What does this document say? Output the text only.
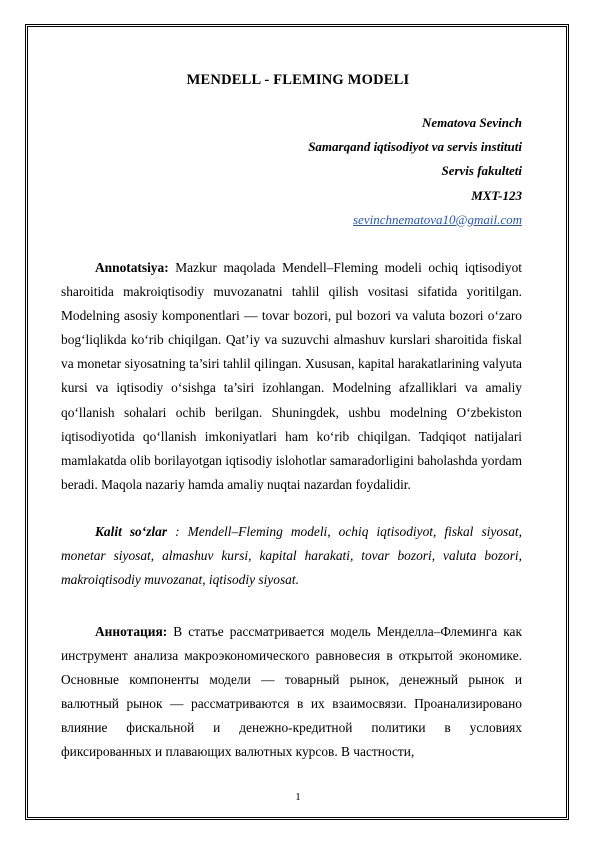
MENDELL - FLEMING MODELI
Nematova Sevinch
Samarqand iqtisodiyot va servis instituti
Servis fakulteti
MXT-123
sevinchnematova10@gmail.com

Annotatsiya: Mazkur maqolada Mendell–Fleming modeli ochiq iqtisodiyot sharoitida makroiqtisodiy muvozanatni tahlil qilish vositasi sifatida yoritilgan. Modelning asosiy komponentlari — tovar bozori, pul bozori va valuta bozori o‘zaro bog‘liqlikda ko‘rib chiqilgan. Qat’iy va suzuvchi almashuv kurslari sharoitida fiskal va monetar siyosatning ta’siri tahlil qilingan. Xususan, kapital harakatlarining valyuta kursi va iqtisodiy o‘sishga ta’siri izohlangan. Modelning afzalliklari va amaliy qo‘llanish sohalari ochib berilgan. Shuningdek, ushbu modelning O‘zbekiston iqtisodiyotida qo‘llanish imkoniyatlari ham ko‘rib chiqilgan. Tadqiqot natijalari mamlakatda olib borilayotgan iqtisodiy islohotlar samaradorligini baholashda yordam beradi. Maqola nazariy hamda amaliy nuqtai nazardan foydalidir.

Kalit so‘zlar : Mendell–Fleming modeli, ochiq iqtisodiyot, fiskal siyosat, monetar siyosat, almashuv kursi, kapital harakati, tovar bozori, valuta bozori, makroiqtisodiy muvozanat, iqtisodiy siyosat.

Аннотация: В статье рассматривается модель Менделла–Флеминга как инструмент анализа макроэкономического равновесия в открытой экономике. Основные компоненты модели — товарный рынок, денежный рынок и валютный рынок — рассматриваются в их взаимосвязи. Проанализировано влияние фискальной и денежно-кредитной политики в условиях фиксированных и плавающих валютных курсов. В частности,

1
